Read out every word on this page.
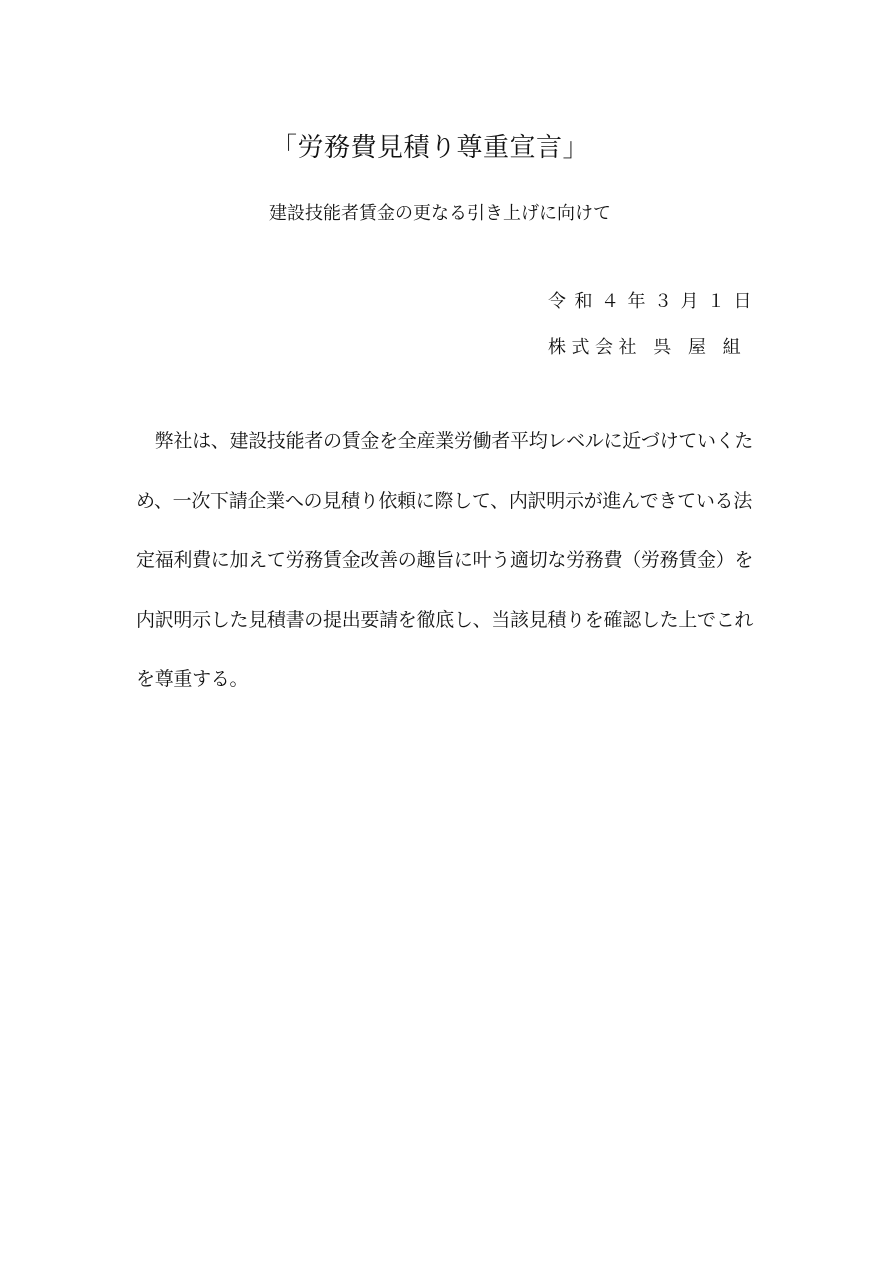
「労務費見積り尊重宣言」
建設技能者賃金の更なる引き上げに向けて
令和４年３月１日
株式会社 呉 屋 組
　弊社は、建設技能者の賃金を全産業労働者平均レベルに近づけていくた
め、一次下請企業への見積り依頼に際して、内訳明示が進んできている法
定福利費に加えて労務賃金改善の趣旨に叶う適切な労務費（労務賃金）を
内訳明示した見積書の提出要請を徹底し、当該見積りを確認した上でこれ
を尊重する。
